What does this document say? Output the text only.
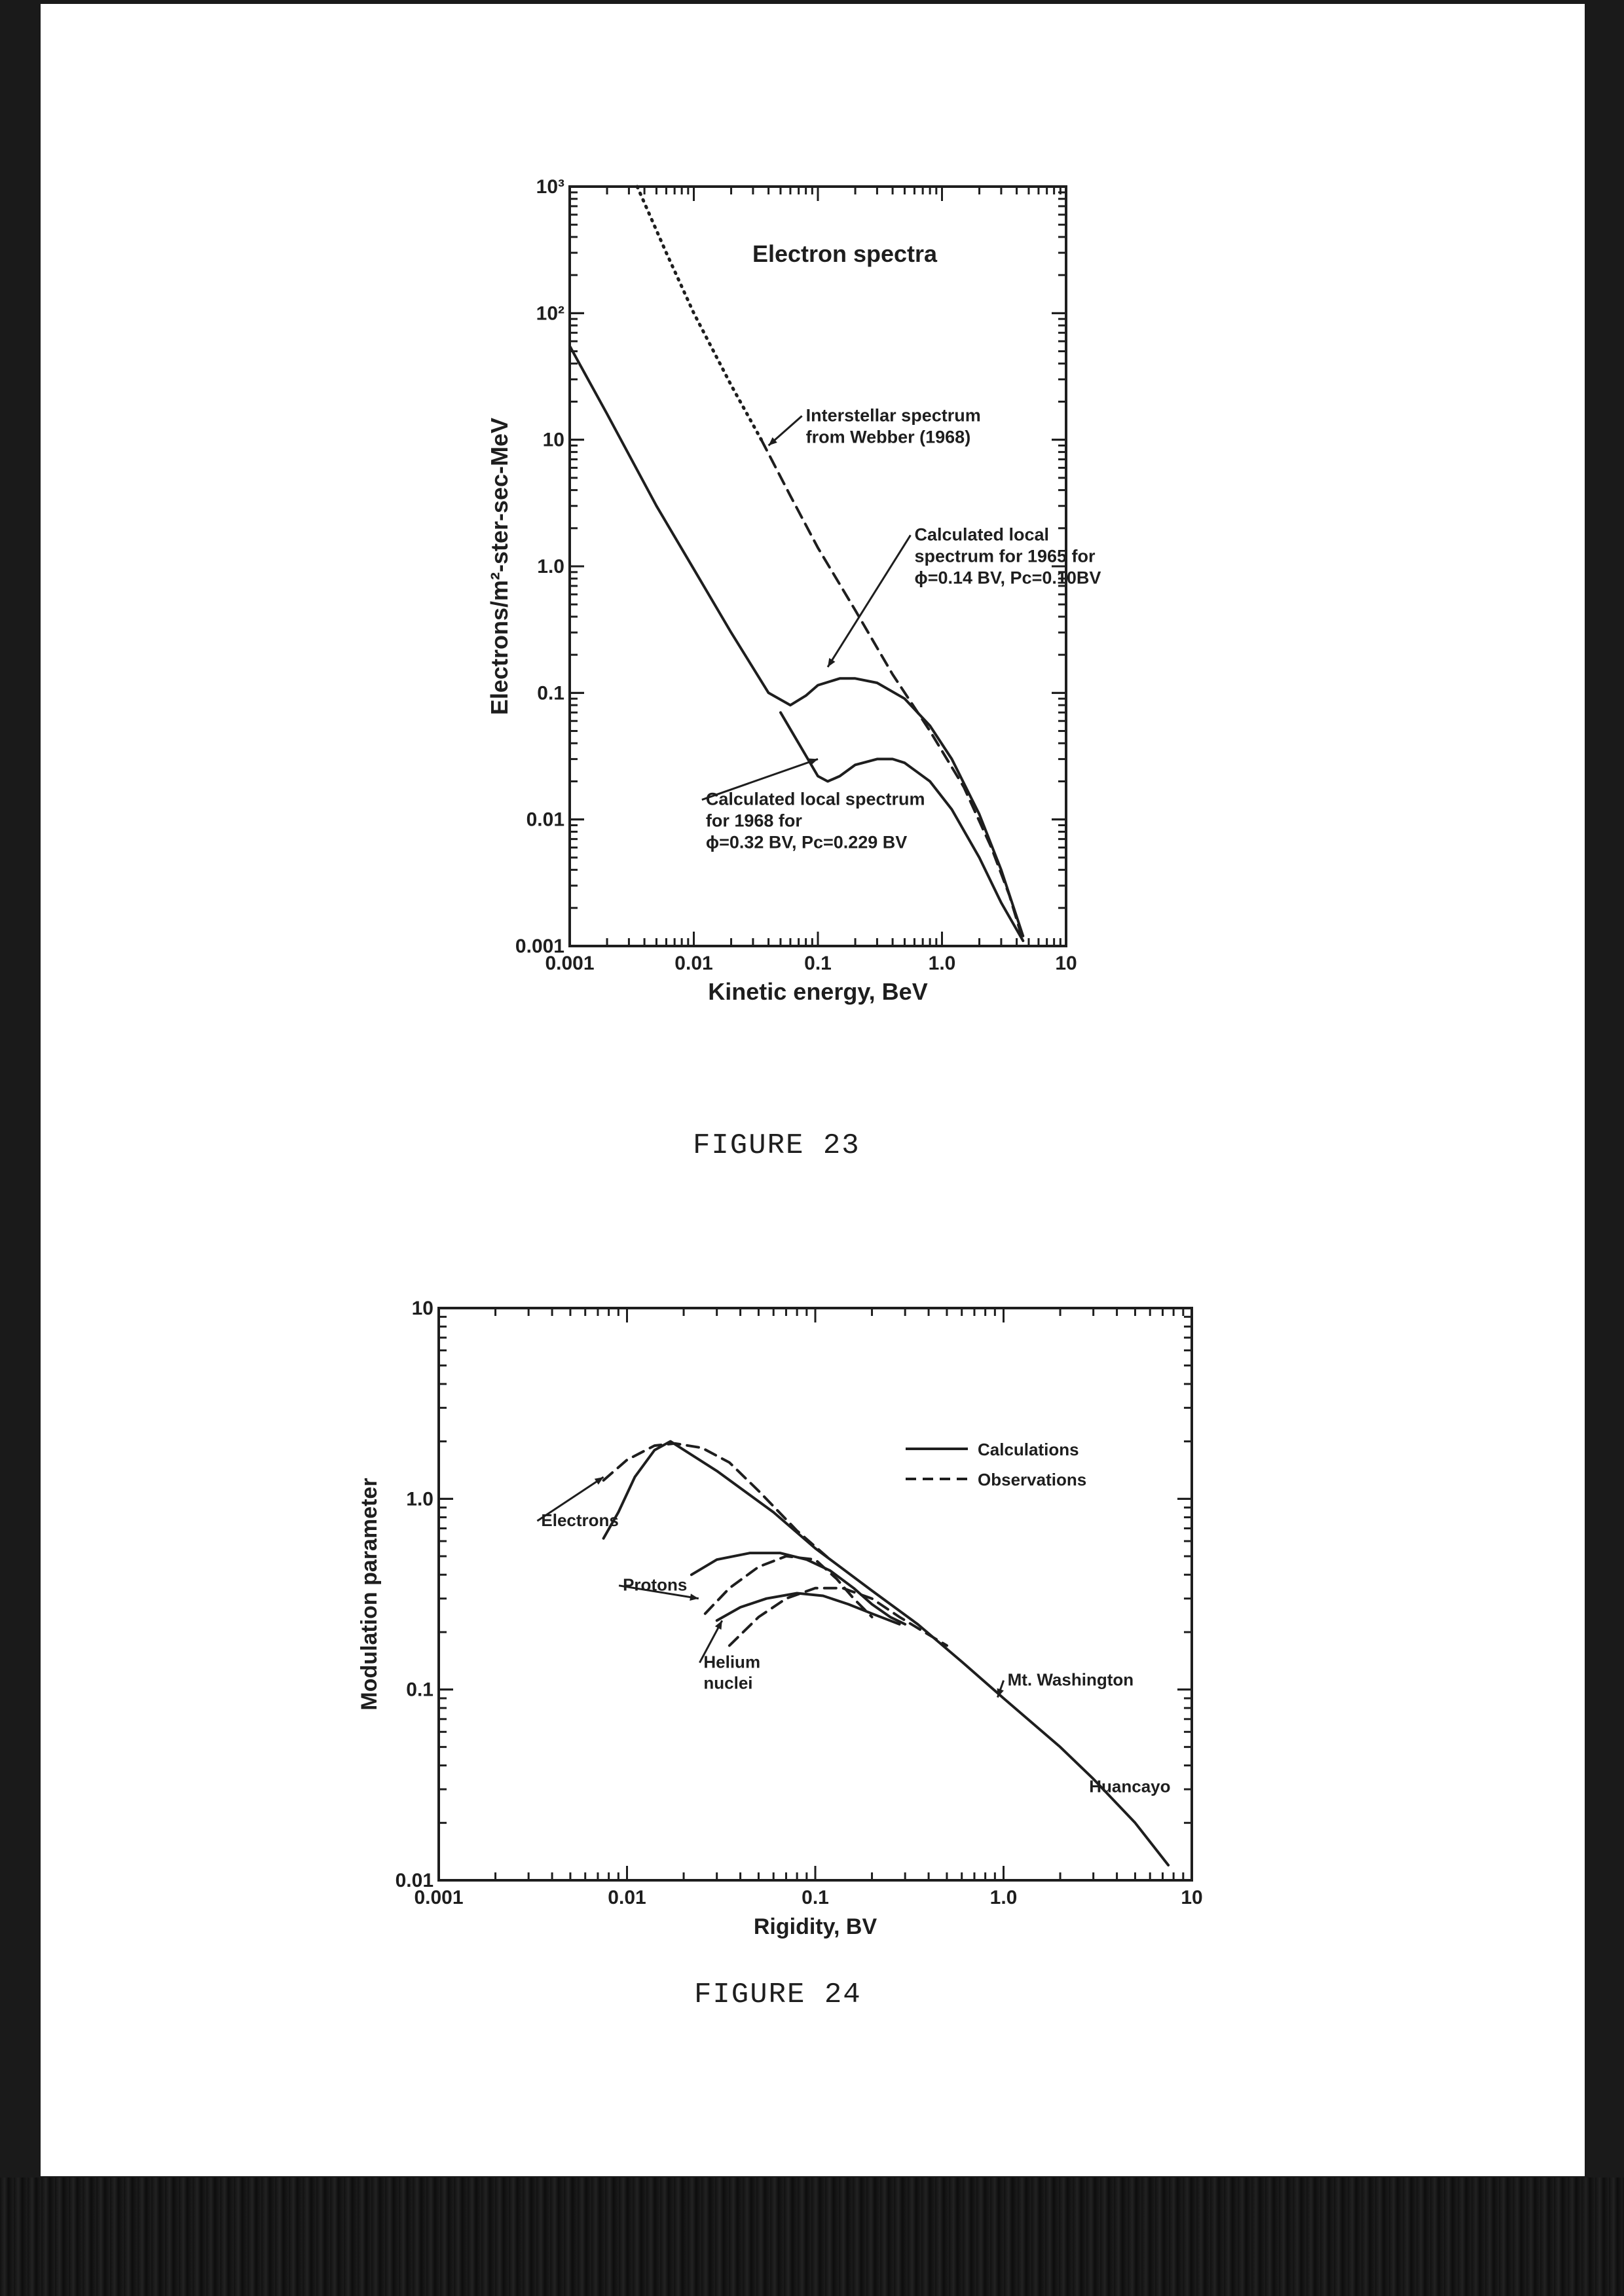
0.001	0.01	0.1	1.0	10
0.001
0.01
0.1
1.0
10
10²
10³
Kinetic energy, BeV
Electrons/m²-ster-sec-MeV
Electron spectra
Interstellar spectrum
from Webber (1968)
Calculated local
spectrum for 1965 for
ϕ=0.14 BV, Pc=0.10BV
Calculated local spectrum
for 1968 for
ϕ=0.32 BV, Pc=0.229 BV
0.001	0.01	0.1	1.0	10
0.01
0.1
1.0
10
Rigidity, BV
Modulation parameter	Electrons
Protons
Helium
nuclei	Mt. Washington
Huancayo
Calculations
Observations
FIGURE 23
FIGURE 24
